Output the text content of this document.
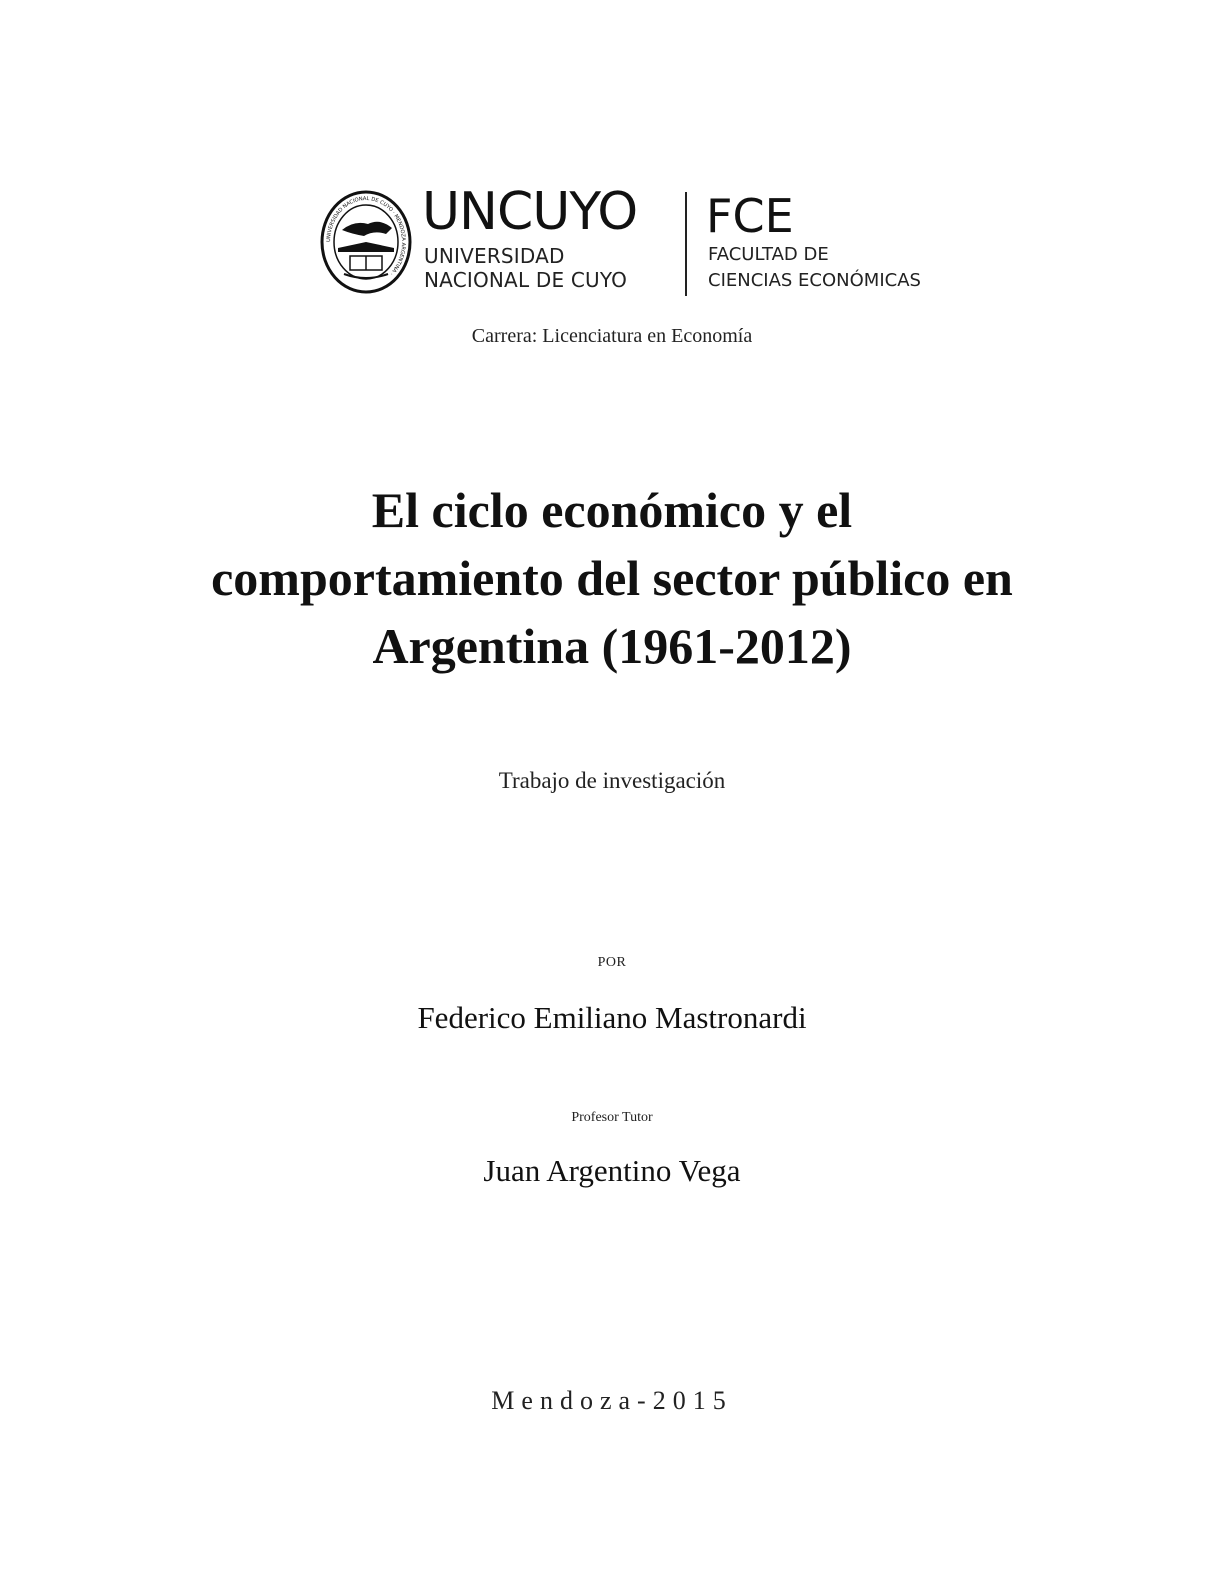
UNIVERSIDAD NACIONAL DE CUYO · MENDOZA ARGENTINA ·
UNCUYO
UNIVERSIDAD
NACIONAL DE CUYO
FCE
FACULTAD DE
CIENCIAS ECONÓMICAS
Carrera: Licenciatura en Economía
El ciclo económico y el
comportamiento del sector público en
Argentina (1961-2012)
Trabajo de investigación
POR
Federico Emiliano Mastronardi
Profesor Tutor
Juan Argentino Vega
Mendoza-2015
